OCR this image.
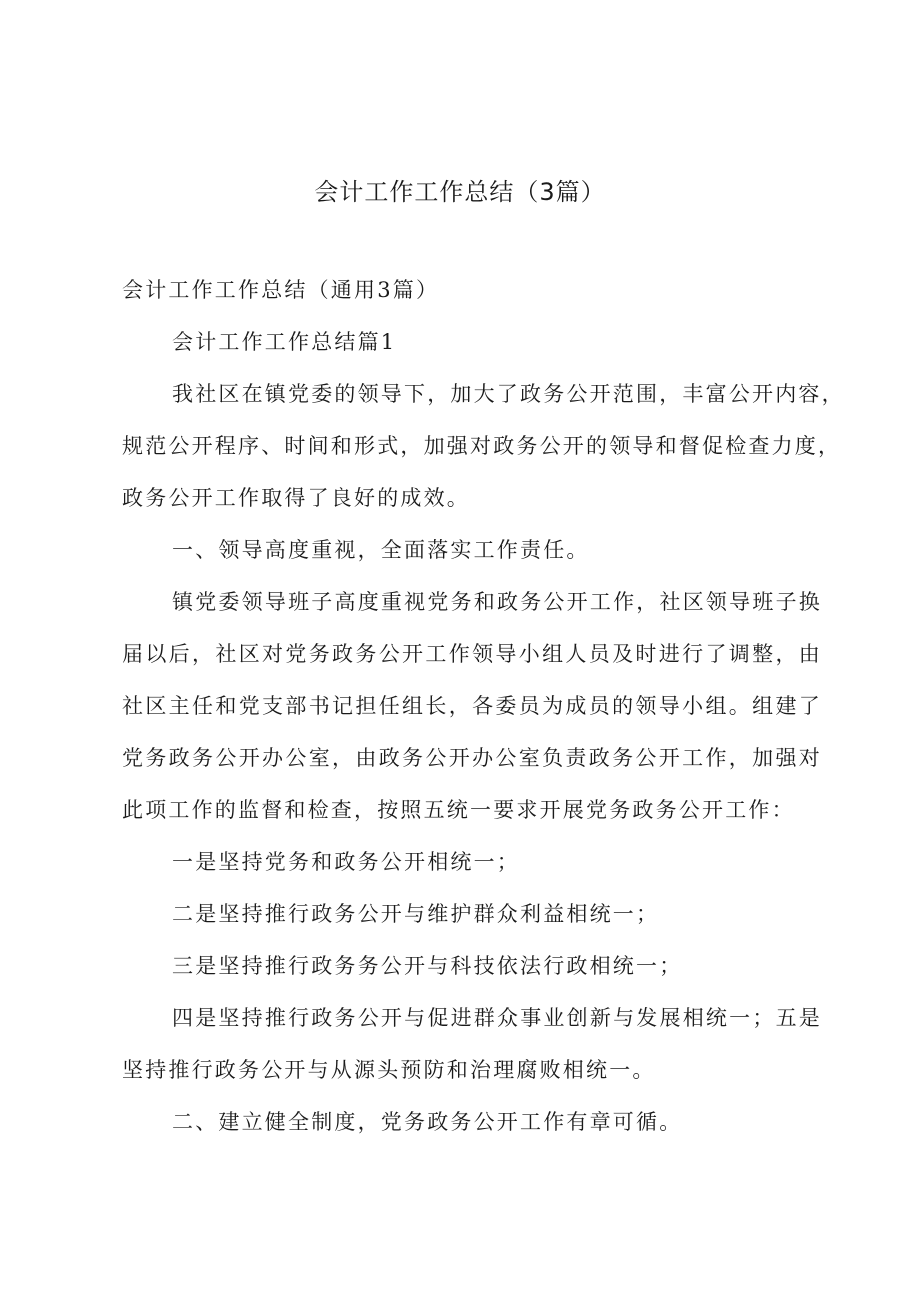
会计工作工作总结（3篇）

会计工作工作总结（通用3篇）

会计工作工作总结篇1

我社区在镇党委的领导下，加大了政务公开范围，丰富公开内容，

规范公开程序、时间和形式，加强对政务公开的领导和督促检查力度，

政务公开工作取得了良好的成效。

一、领导高度重视，全面落实工作责任。

镇党委领导班子高度重视党务和政务公开工作，社区领导班子换

届以后，社区对党务政务公开工作领导小组人员及时进行了调整，由

社区主任和党支部书记担任组长，各委员为成员的领导小组。组建了

党务政务公开办公室，由政务公开办公室负责政务公开工作，加强对

此项工作的监督和检查，按照五统一要求开展党务政务公开工作：

一是坚持党务和政务公开相统一；

二是坚持推行政务公开与维护群众利益相统一；

三是坚持推行政务务公开与科技依法行政相统一；

四是坚持推行政务公开与促进群众事业创新与发展相统一；五是

坚持推行政务公开与从源头预防和治理腐败相统一。

二、建立健全制度，党务政务公开工作有章可循。
